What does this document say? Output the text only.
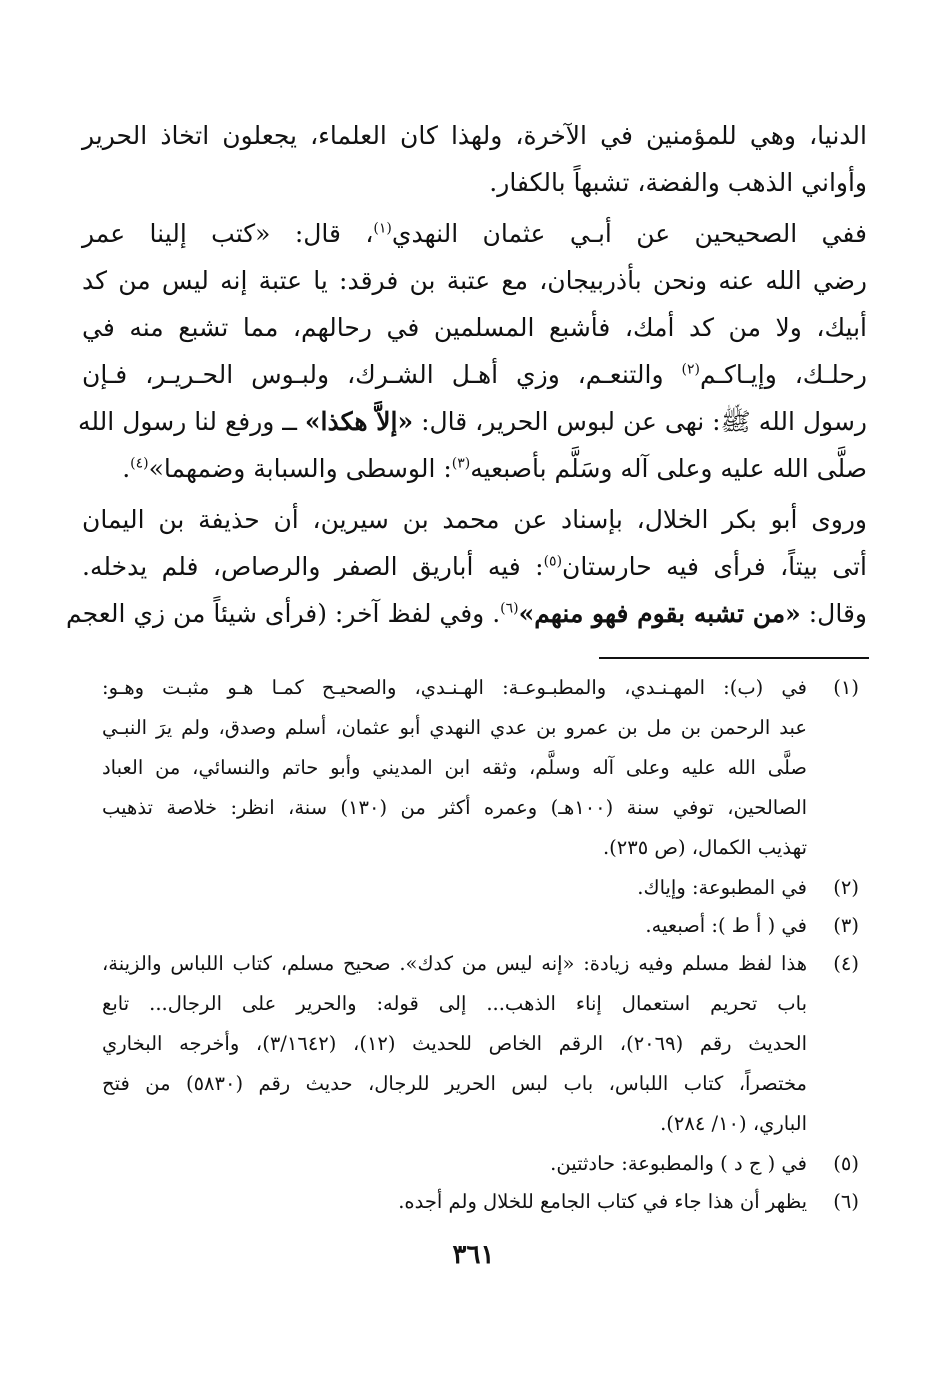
الدنيا، وهي للمؤمنين في الآخرة، ولهذا كان العلماء، يجعلون اتخاذ الحرير
وأواني الذهب والفضة، تشبهاً بالكفار.
ففي الصحيحين عن أبـي عثمان النهدي$^{(١)}$، قال: «كتب إلينا عمر
رضي الله عنه ونحن بأذربيجان، مع عتبة بن فرقد: يا عتبة إنه ليس من كد
أبيك، ولا من كد أمك، فأشبع المسلمين في رحالهم، مما تشبع منه في
رحلـك، وإيـاكـم$^{(٢)}$ والتنعـم، وزي أهـل الشـرك، ولبـوس الحـريـر، فـإن
رسول الله ﷺ: نهى عن لبوس الحرير، قال: «إلاَّ هكذا» ــ ورفع لنا رسول الله
صلَّى الله عليه وعلى آله وسَلَّم بأصبعيه$^{(٣)}$: الوسطى والسبابة وضمهما»$^{(٤)}$.
وروى أبو بكر الخلال، بإسناد عن محمد بن سيرين، أن حذيفة بن اليمان
أتى بيتاً، فرأى فيه حارستان$^{(٥)}$: فيه أباريق الصفر والرصاص، فلم يدخله.
وقال: «من تشبه بقوم فهو منهم»$^{(٦)}$. وفي لفظ آخر: (فرأى شيئاً من زي العجم
(١)
في (ب): المهـنـدي، والمطبـوعـة: الهـنـدي، والصحيـح كمـا هـو مثبـت وهـو:
عبد الرحمن بن مل بن عمرو بن عدي النهدي أبو عثمان، أسلم وصدق، ولم يرَ النبـي
صلَّى الله عليه وعلى آله وسلَّم، وثقه ابن المديني وأبو حاتم والنسائي، من العباد
الصالحين، توفي سنة (١٠٠هـ) وعمره أكثر من (١٣٠) سنة، انظر: خلاصة تذهيب
تهذيب الكمال، (ص ٢٣٥).
(٢)
في المطبوعة: وإياك.
(٣)
في ( أ ط ): أصبعيه.
(٤)
هذا لفظ مسلم وفيه زيادة: «إنه ليس من كدك». صحيح مسلم، كتاب اللباس والزينة،
باب تحريم استعمال إناء الذهب... إلى قوله: والحرير على الرجال... تابع
الحديث رقم (٢٠٦٩)، الرقم الخاص للحديث (١٢)، (٣/١٦٤٢)، وأخرجه البخاري
مختصراً، كتاب اللباس، باب لبس الحرير للرجال، حديث رقم (٥٨٣٠) من فتح
الباري، (١٠/ ٢٨٤).
(٥)
في ( ج د ) والمطبوعة: حادثتين.
(٦)
يظهر أن هذا جاء في كتاب الجامع للخلال ولم أجده.
٣٦١
